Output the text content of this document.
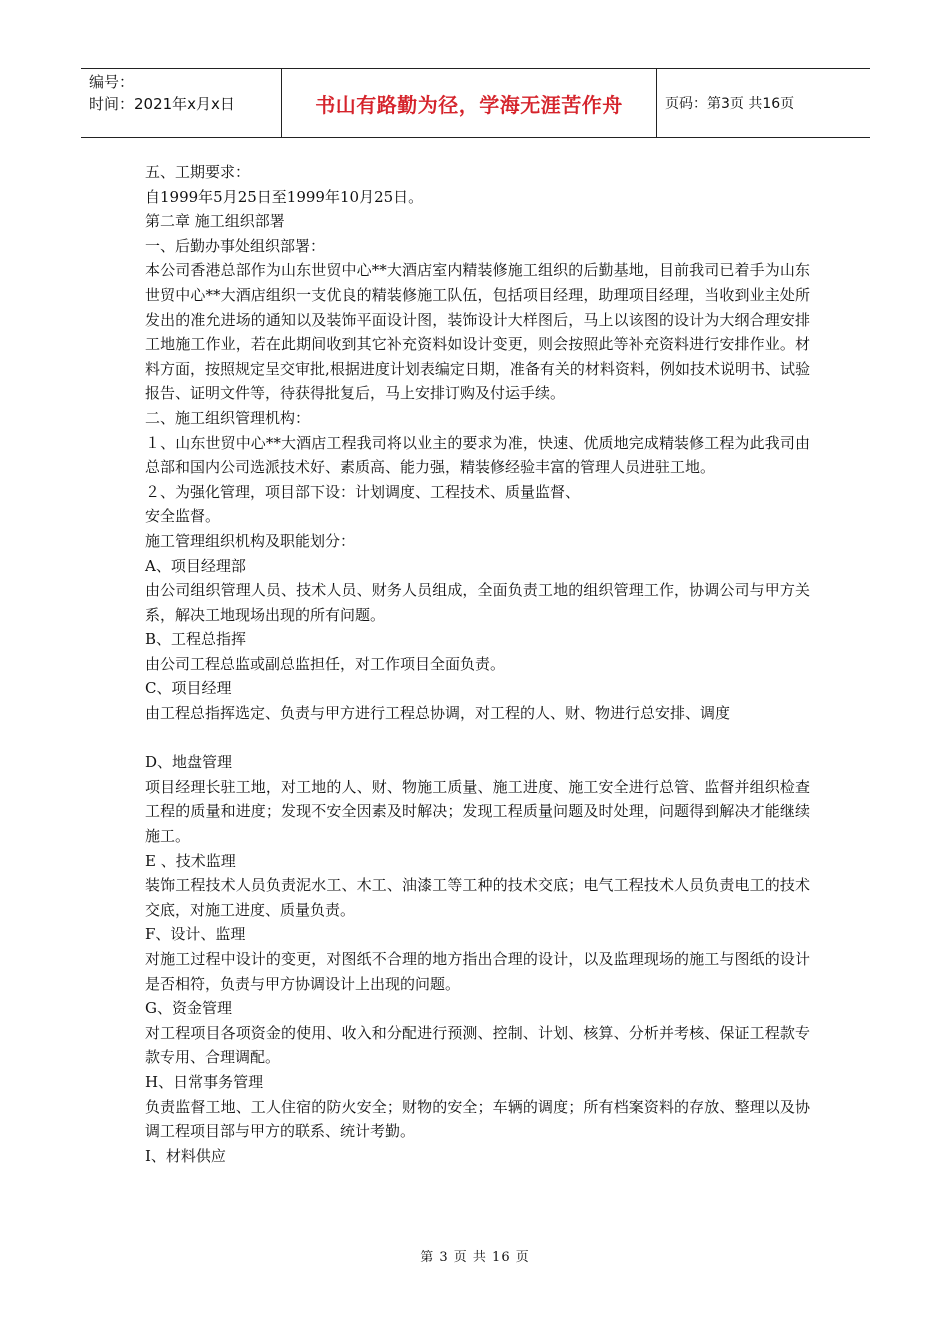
编号：
时间：2021年x月x日	书山有路勤为径，学海无涯苦作舟	页码：第3页 共16页

五、工期要求：

自1999年5月25日至1999年10月25日。

第二章 施工组织部署

一、后勤办事处组织部署：

本公司香港总部作为山东世贸中心**大酒店室内精装修施工组织的后勤基地，目前我司已着手为山东世贸中心**大酒店组织一支优良的精装修施工队伍，包括项目经理，助理项目经理，当收到业主处所发出的准允进场的通知以及装饰平面设计图，装饰设计大样图后，马上以该图的设计为大纲合理安排工地施工作业，若在此期间收到其它补充资料如设计变更，则会按照此等补充资料进行安排作业。材料方面，按照规定呈交审批,根据进度计划表编定日期，准备有关的材料资料，例如技术说明书、试验报告、证明文件等，待获得批复后，马上安排订购及付运手续。

二、施工组织管理机构：

１、山东世贸中心**大酒店工程我司将以业主的要求为准，快速、优质地完成精装修工程为此我司由总部和国内公司选派技术好、素质高、能力强，精装修经验丰富的管理人员进驻工地。

２、为强化管理，项目部下设：计划调度、工程技术、质量监督、

安全监督。

施工管理组织机构及职能划分：

A、项目经理部

由公司组织管理人员、技术人员、财务人员组成，全面负责工地的组织管理工作，协调公司与甲方关系，解决工地现场出现的所有问题。

B、工程总指挥

由公司工程总监或副总监担任，对工作项目全面负责。

C、项目经理

由工程总指挥选定、负责与甲方进行工程总协调，对工程的人、财、物进行总安排、调度

D、地盘管理

项目经理长驻工地，对工地的人、财、物施工质量、施工进度、施工安全进行总管、监督并组织检查工程的质量和进度；发现不安全因素及时解决；发现工程质量问题及时处理，问题得到解决才能继续施工。

E 、技术监理

装饰工程技术人员负责泥水工、木工、油漆工等工种的技术交底；电气工程技术人员负责电工的技术交底，对施工进度、质量负责。

F、设计、监理

对施工过程中设计的变更，对图纸不合理的地方指出合理的设计，以及监理现场的施工与图纸的设计是否相符，负责与甲方协调设计上出现的问题。

G、资金管理

对工程项目各项资金的使用、收入和分配进行预测、控制、计划、核算、分析并考核、保证工程款专款专用、合理调配。

H、日常事务管理

负责监督工地、工人住宿的防火安全；财物的安全；车辆的调度；所有档案资料的存放、整理以及协调工程项目部与甲方的联系、统计考勤。

I、材料供应

第 3 页 共 16 页
